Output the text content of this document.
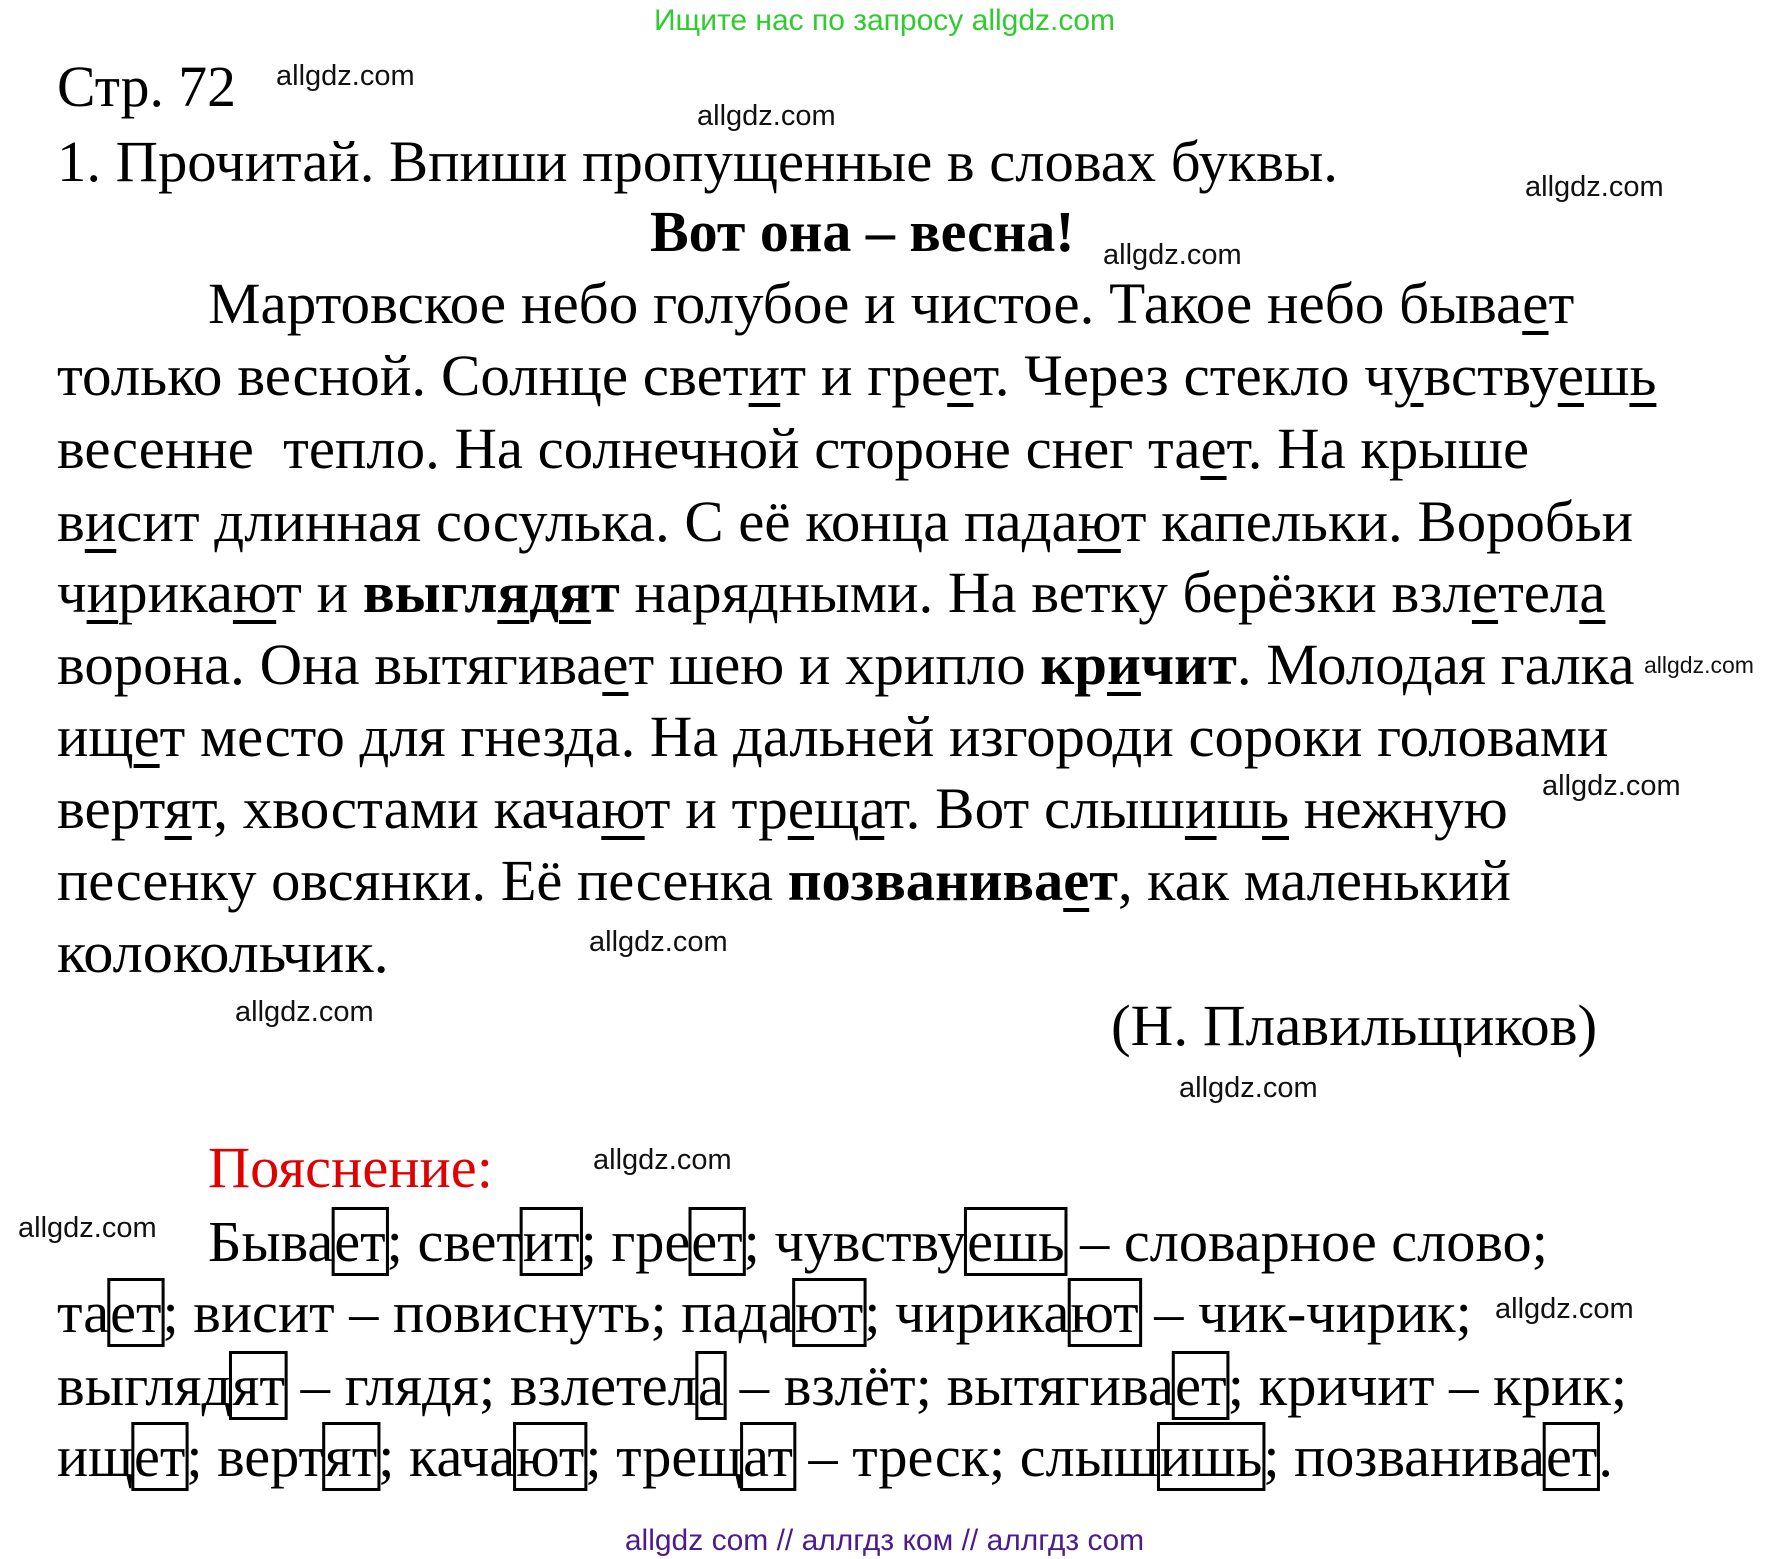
Ищите нас по запросу allgdz.com
Стр. 72
1. Прочитай. Впиши пропущенные в словах буквы.
Вот она – весна!
Мартовское небо голубое и чистое. Такое небо бывает
только весной. Солнце светит и греет. Через стекло чувствуешь
весенне  тепло. На солнечной стороне снег тает. На крыше
висит длинная сосулька. С её конца падают капельки. Воробьи
чирикают и выглядят нарядными. На ветку берёзки взлетела
ворона. Она вытягивает шею и хрипло кричит. Молодая галка
ищет место для гнезда. На дальней изгороди сороки головами
вертят, хвостами качают и трещат. Вот слышишь нежную
песенку овсянки. Её песенка позванивает, как маленький
колокольчик.
(Н. Плавильщиков)
Пояснение:
Бывает; светит; греет; чувствуешь – словарное слово;
тает; висит – повиснуть; падают; чирикают – чик-чирик;
выглядят – глядя; взлетела – взлёт; вытягивает; кричит – крик;
ищет; вертят; качают; трещат – треск; слышишь; позванивает.
allgdz.com
allgdz.com
allgdz.com
allgdz.com
allgdz.com
allgdz.com
allgdz.com
allgdz.com
allgdz.com
allgdz.com
allgdz.com
allgdz.com
allgdz com // аллгдз ком // аллгдз com
